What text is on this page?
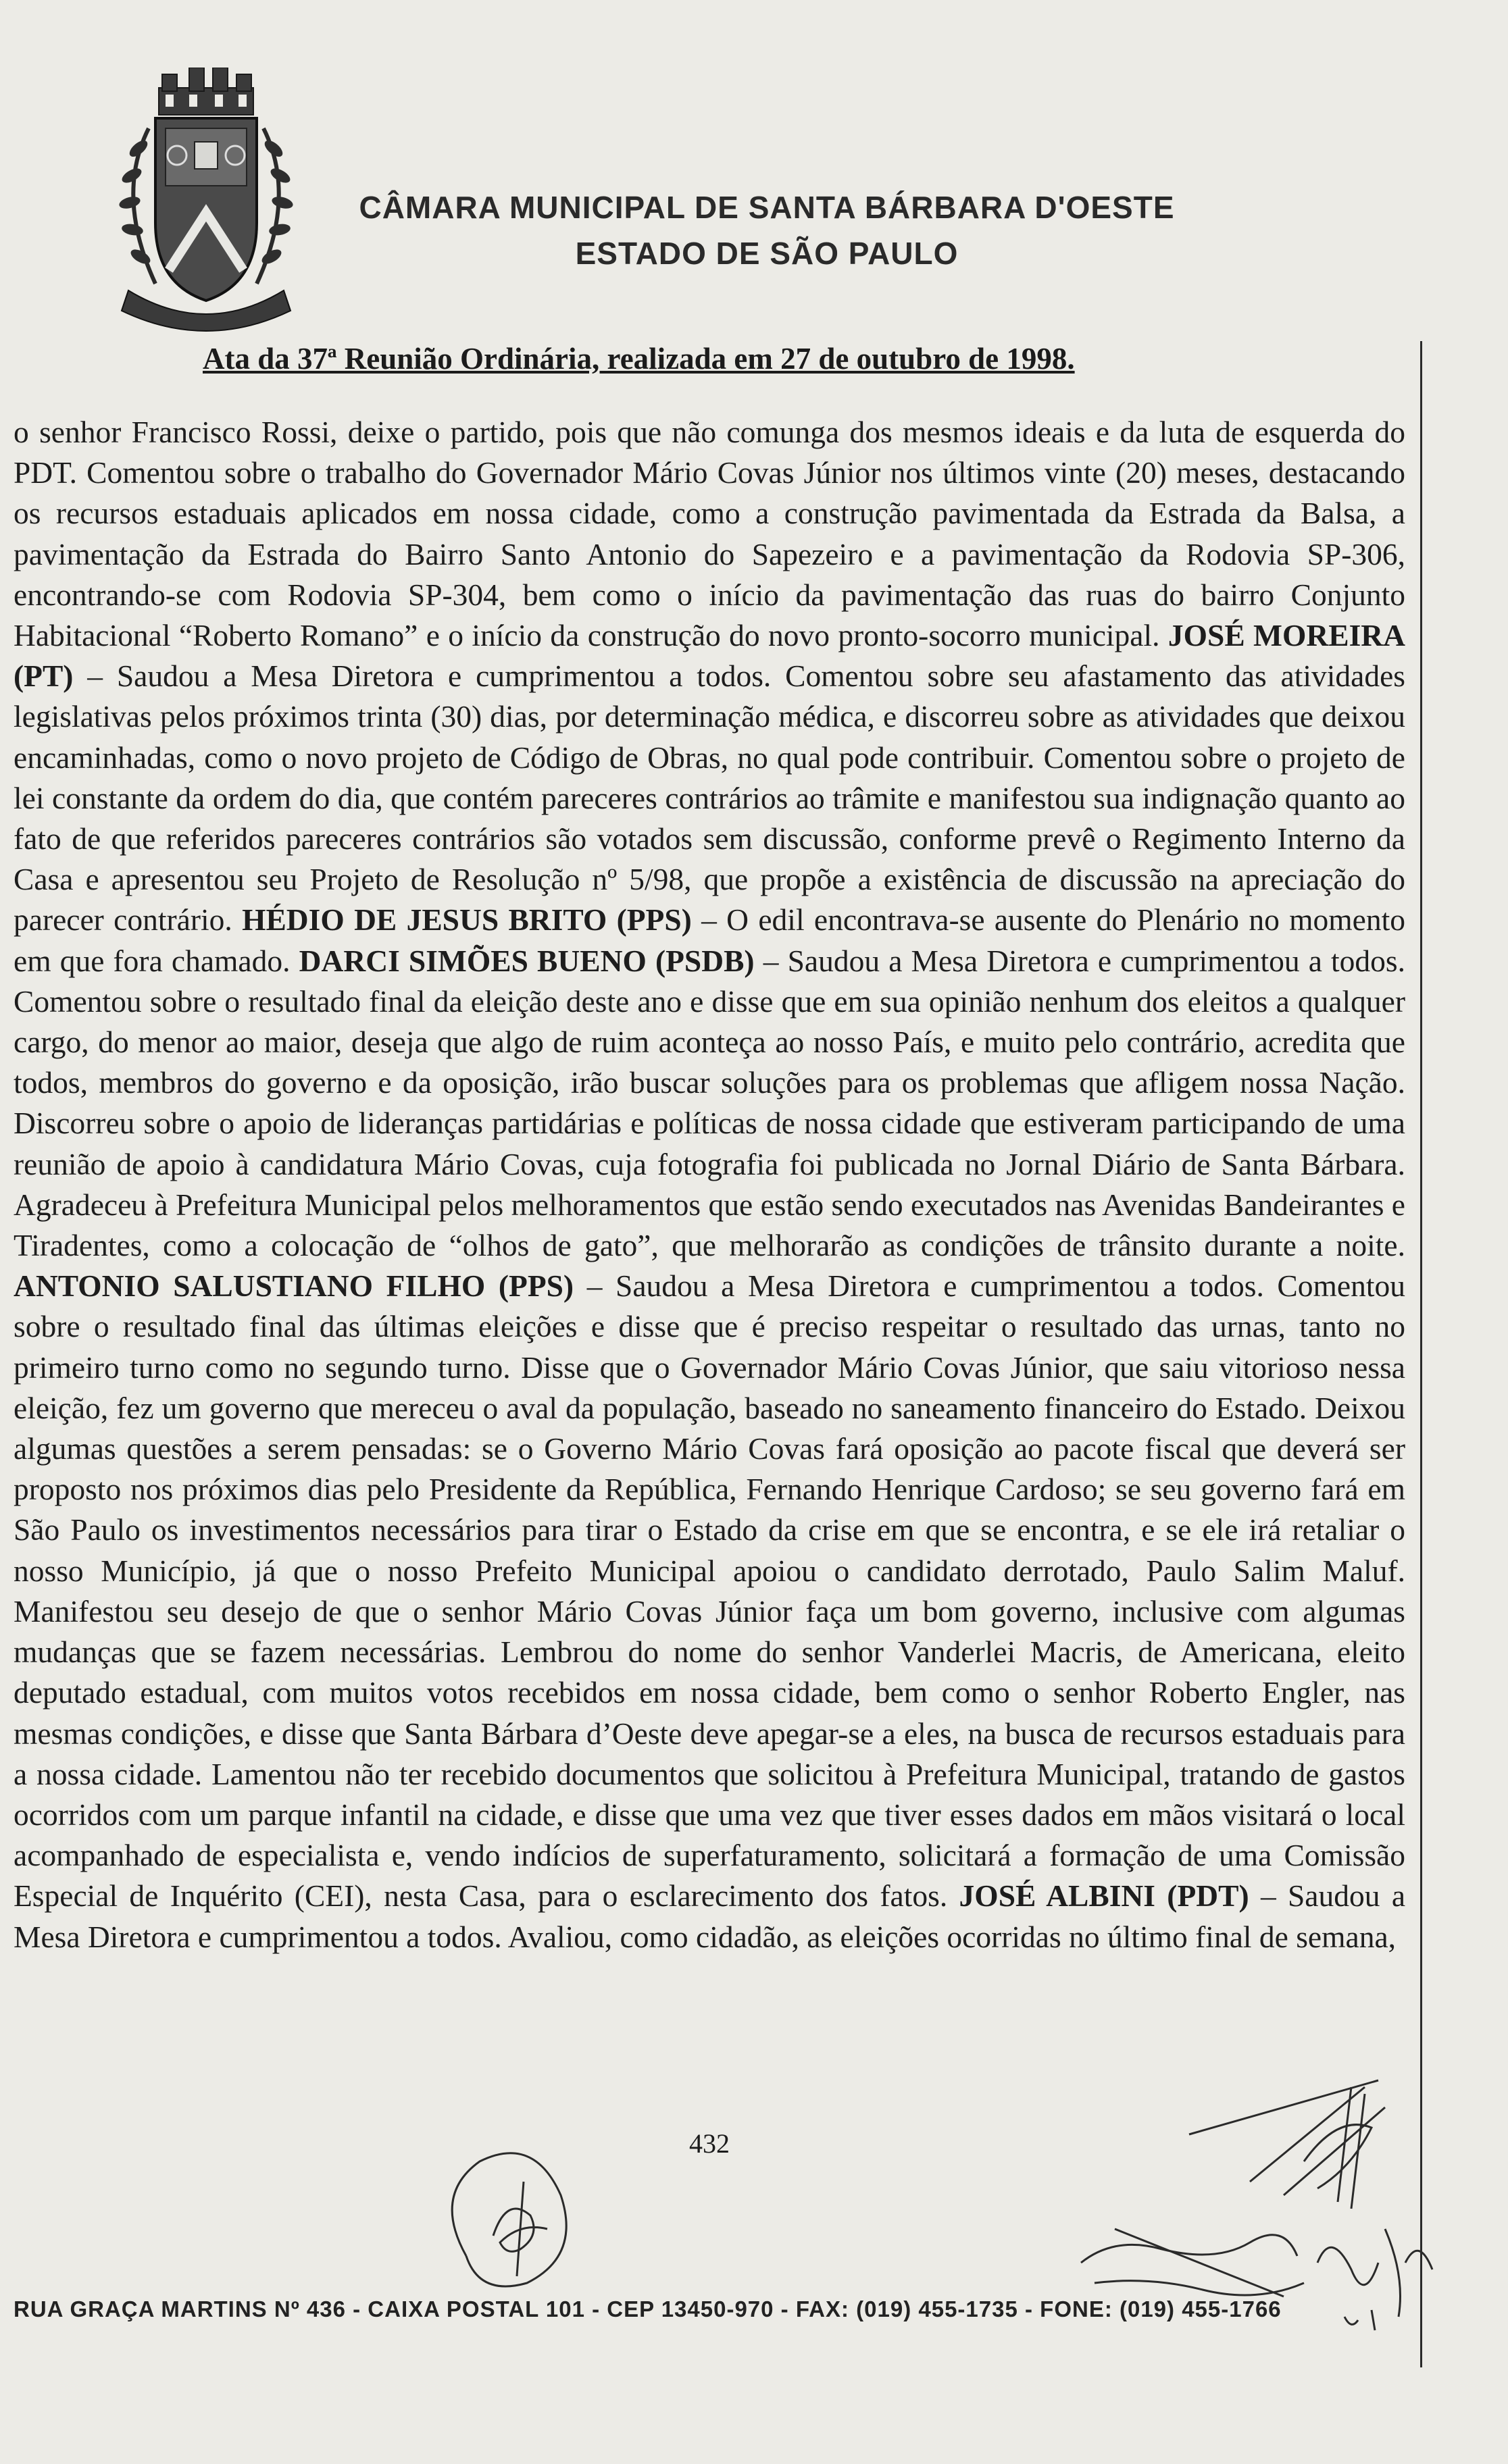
CÂMARA MUNICIPAL DE SANTA BÁRBARA D'OESTE
ESTADO DE SÃO PAULO
Ata da 37ª Reunião Ordinária, realizada em 27 de outubro de 1998.
o senhor Francisco Rossi, deixe o partido, pois que não comunga dos mesmos ideais e da luta de esquerda do PDT. Comentou sobre o trabalho do Governador Mário Covas Júnior nos últimos vinte (20) meses, destacando os recursos estaduais aplicados em nossa cidade, como a construção pavimentada da Estrada da Balsa, a pavimentação da Estrada do Bairro Santo Antonio do Sapezeiro e a pavimentação da Rodovia SP-306, encontrando-se com Rodovia SP-304, bem como o início da pavimentação das ruas do bairro Conjunto Habitacional “Roberto Romano” e o início da construção do novo pronto-socorro municipal. JOSÉ MOREIRA (PT) – Saudou a Mesa Diretora e cumprimentou a todos. Comentou sobre seu afastamento das atividades legislativas pelos próximos trinta (30) dias, por determinação médica, e discorreu sobre as atividades que deixou encaminhadas, como o novo projeto de Código de Obras, no qual pode contribuir. Comentou sobre o projeto de lei constante da ordem do dia, que contém pareceres contrários ao trâmite e manifestou sua indignação quanto ao fato de que referidos pareceres contrários são votados sem discussão, conforme prevê o Regimento Interno da Casa e apresentou seu Projeto de Resolução nº 5/98, que propõe a existência de discussão na apreciação do parecer contrário. HÉDIO DE JESUS BRITO (PPS) – O edil encontrava-se ausente do Plenário no momento em que fora chamado. DARCI SIMÕES BUENO (PSDB) – Saudou a Mesa Diretora e cumprimentou a todos. Comentou sobre o resultado final da eleição deste ano e disse que em sua opinião nenhum dos eleitos a qualquer cargo, do menor ao maior, deseja que algo de ruim aconteça ao nosso País, e muito pelo contrário, acredita que todos, membros do governo e da oposição, irão buscar soluções para os problemas que afligem nossa Nação. Discorreu sobre o apoio de lideranças partidárias e políticas de nossa cidade que estiveram participando de uma reunião de apoio à candidatura Mário Covas, cuja fotografia foi publicada no Jornal Diário de Santa Bárbara. Agradeceu à Prefeitura Municipal pelos melhoramentos que estão sendo executados nas Avenidas Bandeirantes e Tiradentes, como a colocação de “olhos de gato”, que melhorarão as condições de trânsito durante a noite. ANTONIO SALUSTIANO FILHO (PPS) – Saudou a Mesa Diretora e cumprimentou a todos. Comentou sobre o resultado final das últimas eleições e disse que é preciso respeitar o resultado das urnas, tanto no primeiro turno como no segundo turno. Disse que o Governador Mário Covas Júnior, que saiu vitorioso nessa eleição, fez um governo que mereceu o aval da população, baseado no saneamento financeiro do Estado. Deixou algumas questões a serem pensadas: se o Governo Mário Covas fará oposição ao pacote fiscal que deverá ser proposto nos próximos dias pelo Presidente da República, Fernando Henrique Cardoso; se seu governo fará em São Paulo os investimentos necessários para tirar o Estado da crise em que se encontra, e se ele irá retaliar o nosso Município, já que o nosso Prefeito Municipal apoiou o candidato derrotado, Paulo Salim Maluf. Manifestou seu desejo de que o senhor Mário Covas Júnior faça um bom governo, inclusive com algumas mudanças que se fazem necessárias. Lembrou do nome do senhor Vanderlei Macris, de Americana, eleito deputado estadual, com muitos votos recebidos em nossa cidade, bem como o senhor Roberto Engler, nas mesmas condições, e disse que Santa Bárbara d’Oeste deve apegar-se a eles, na busca de recursos estaduais para a nossa cidade. Lamentou não ter recebido documentos que solicitou à Prefeitura Municipal, tratando de gastos ocorridos com um parque infantil na cidade, e disse que uma vez que tiver esses dados em mãos visitará o local acompanhado de especialista e, vendo indícios de superfaturamento, solicitará a formação de uma Comissão Especial de Inquérito (CEI), nesta Casa, para o esclarecimento dos fatos. JOSÉ ALBINI (PDT) – Saudou a Mesa Diretora e cumprimentou a todos. Avaliou, como cidadão, as eleições ocorridas no último final de semana,
432
RUA GRAÇA MARTINS Nº 436 - CAIXA POSTAL 101 - CEP 13450-970 - FAX: (019) 455-1735 - FONE: (019) 455-1766
